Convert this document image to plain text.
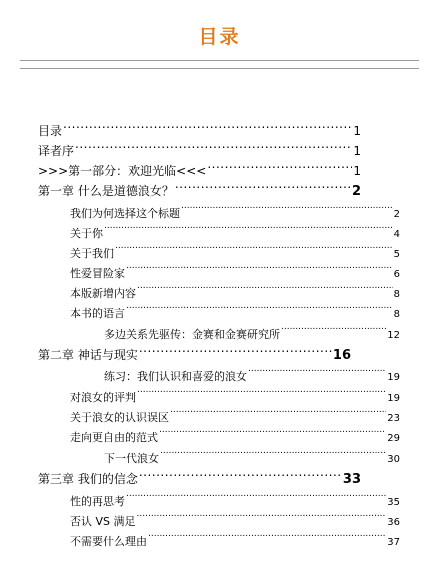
目录
目录 .....	1
译者序 .....	1
>>>第一部分：欢迎光临<<< .....	1
第一章 什么是道德浪女？ .....	2
我们为何选择这个标题 .....	2
关于你 .....	4
关于我们 .....	5
性爱冒险家 .....	6
本版新增内容 .....	8
本书的语言 .....	8
多边关系先驱传：金赛和金赛研究所 .....	12
第二章 神话与现实 .....	16
练习：我们认识和喜爱的浪女 .....	19
对浪女的评判 .....	19
关于浪女的认识误区 .....	23
走向更自由的范式 .....	29
下一代浪女 .....	30
第三章 我们的信念 .....	33
性的再思考 .....	35
否认 VS 满足 .....	36
不需要什么理由 .....	37
